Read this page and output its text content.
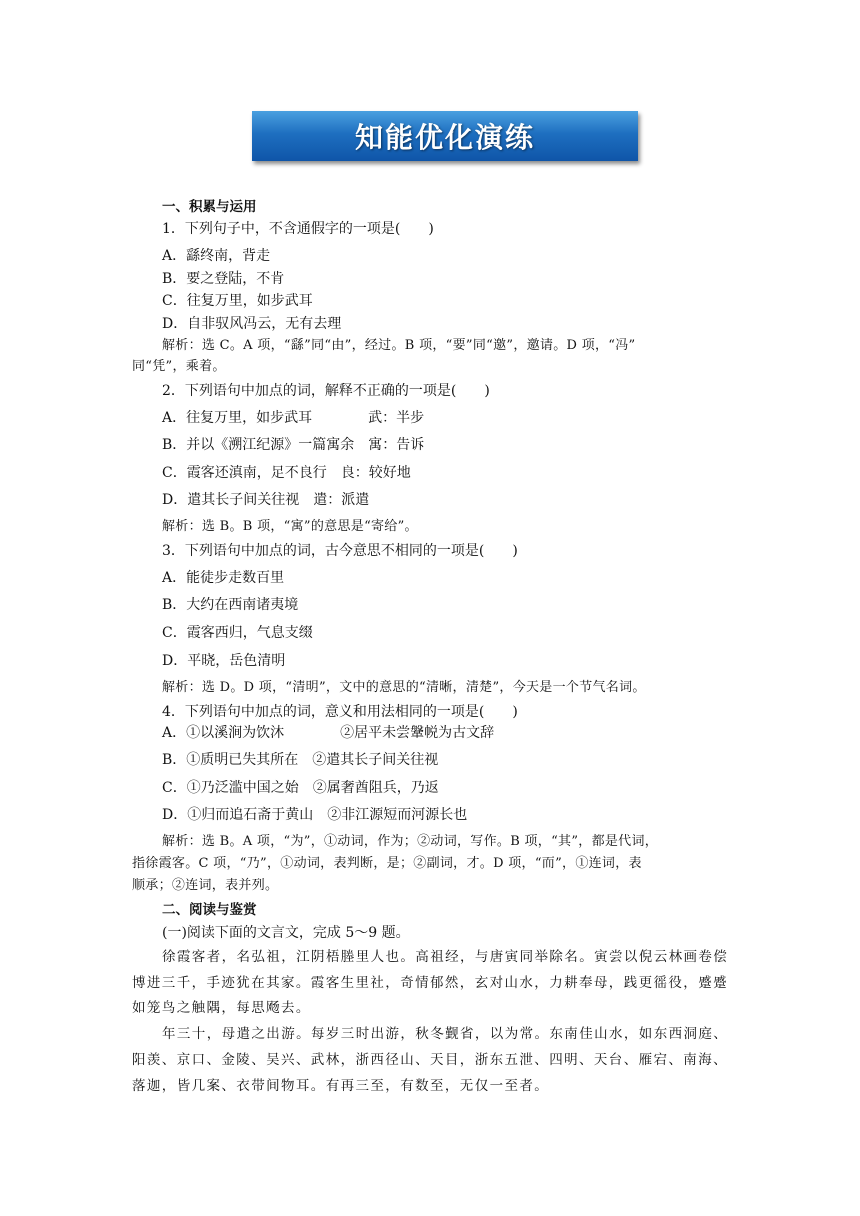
知能优化演练
一、积累与运用
1．下列句子中，不含通假字的一项是(　　)
A．繇终南，背走
B．要之登陆，不肯
C．往复万里，如步武耳
D．自非驭风冯云，无有去理
解析：选 C。A 项，“繇”同“由”，经过。B 项，“要”同“邀”，邀请。D 项，“冯”
同“凭”，乘着。
2．下列语句中加点的词，解释不正确的一项是(　　)
A．往复万里，如步武耳　　　　武：半步
B．并以《溯江纪源》一篇寓余　寓：告诉
C．霞客还滇南，足不良行　良：较好地
D．遣其长子间关往视　遣：派遣
解析：选 B。B 项，“寓”的意思是“寄给”。
3．下列语句中加点的词，古今意思不相同的一项是(　　)
A．能徒步走数百里
B．大约在西南诸夷境
C．霞客西归，气息支缀
D．平晓，岳色清明
解析：选 D。D 项，“清明”，文中的意思的“清晰，清楚”，今天是一个节气名词。
4．下列语句中加点的词，意义和用法相同的一项是(　　)
A．①以溪涧为饮沐　　　　②居平未尝鞶帨为古文辞
B．①质明已失其所在　②遣其长子间关往视
C．①乃泛滥中国之始　②属奢酋阻兵，乃返
D．①归而追石斋于黄山　②非江源短而河源长也
解析：选 B。A 项，“为”，①动词，作为；②动词，写作。B 项，“其”，都是代词，
指徐霞客。C 项，“乃”，①动词，表判断，是；②副词，才。D 项，“而”，①连词，表
顺承；②连词，表并列。
二、阅读与鉴赏
(一)阅读下面的文言文，完成 5～9 题。
徐霞客者，名弘祖，江阴梧塍里人也。高祖经，与唐寅同举除名。寅尝以倪云林画卷偿
博进三千，手迹犹在其家。霞客生里社，奇情郁然，玄对山水，力耕奉母，践更徭役，蹙蹙
如笼鸟之触隅，每思飏去。
年三十，母遣之出游。每岁三时出游，秋冬觐省，以为常。东南佳山水，如东西洞庭、
阳羡、京口、金陵、吴兴、武林，浙西径山、天目，浙东五泄、四明、天台、雁宕、南海、
落迦，皆几案、衣带间物耳。有再三至，有数至，无仅一至者。
